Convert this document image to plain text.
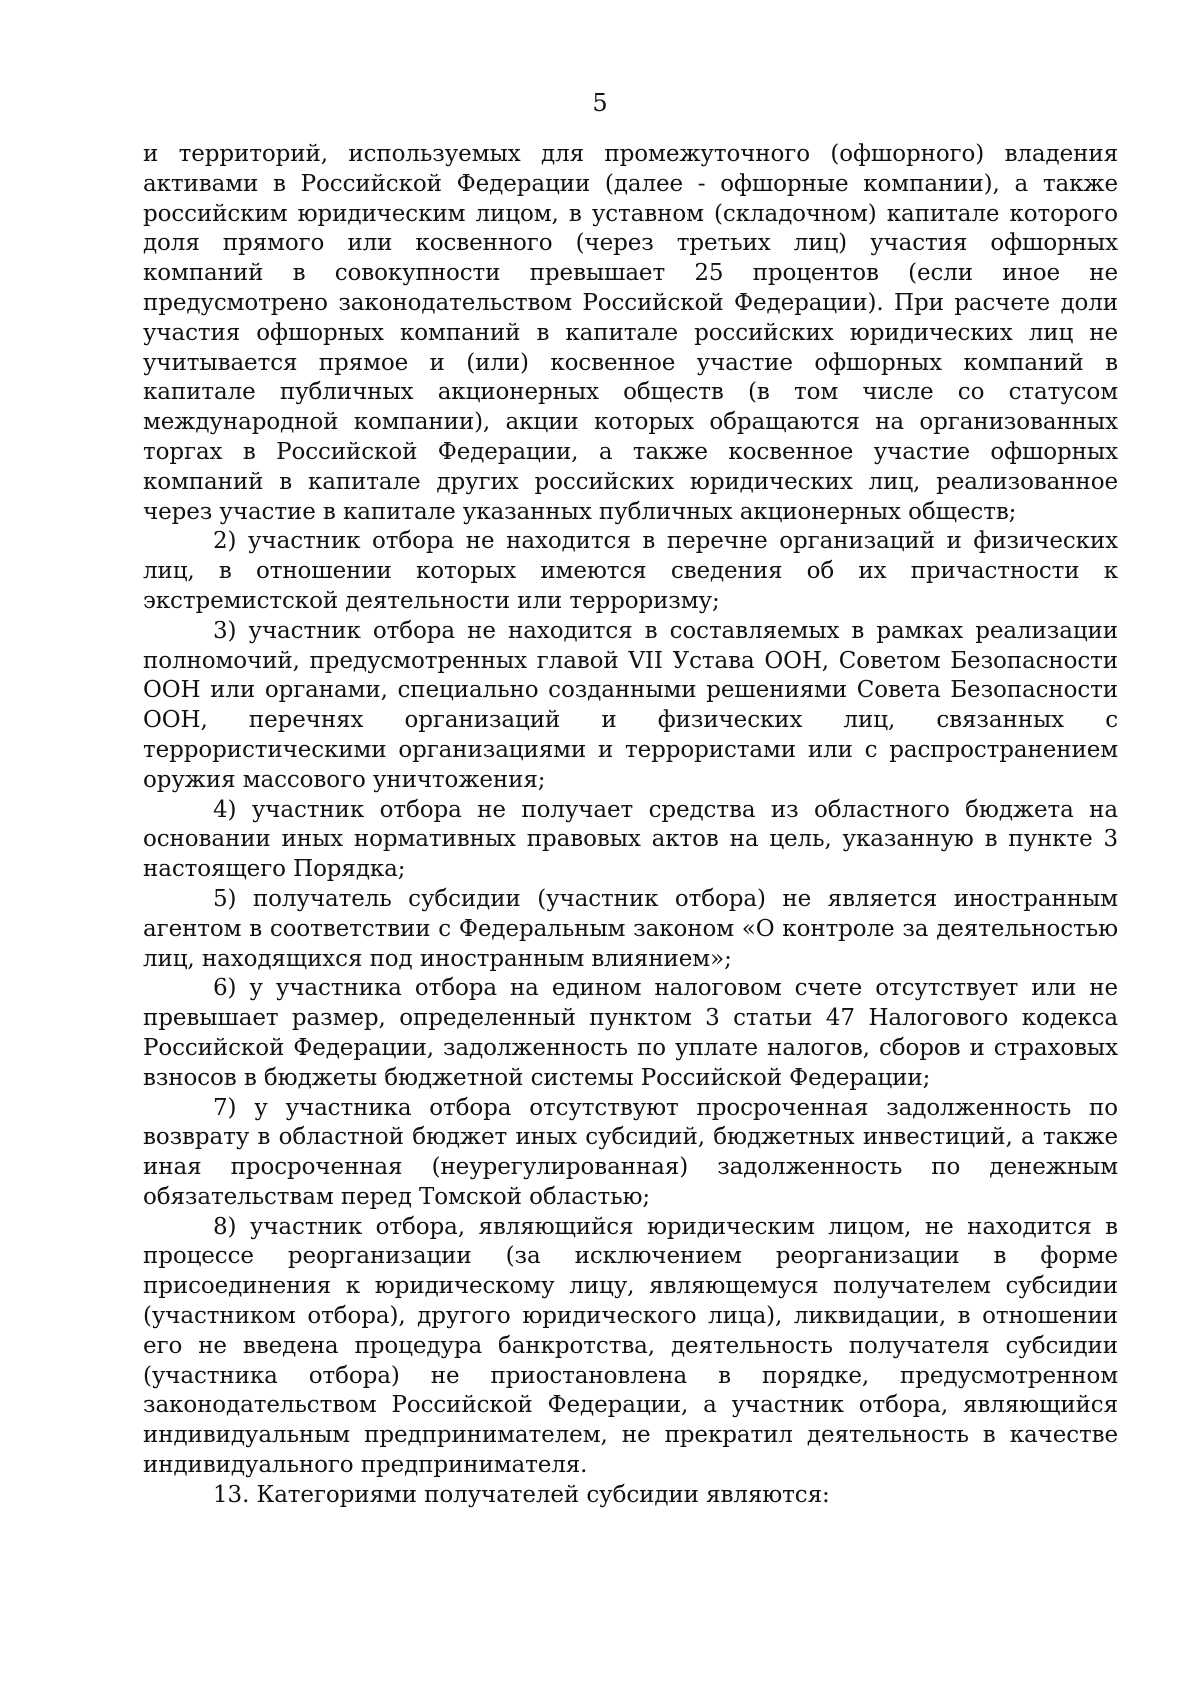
5

и территорий, используемых для промежуточного (офшорного) владения активами в Российской Федерации (далее - офшорные компании), а также российским юридическим лицом, в уставном (складочном) капитале которого доля прямого или косвенного (через третьих лиц) участия офшорных компаний в совокупности превышает 25 процентов (если иное не предусмотрено законодательством Российской Федерации). При расчете доли участия офшорных компаний в капитале российских юридических лиц не учитывается прямое и (или) косвенное участие офшорных компаний в капитале публичных акционерных обществ (в том числе со статусом международной компании), акции которых обращаются на организованных торгах в Российской Федерации, а также косвенное участие офшорных компаний в капитале других российских юридических лиц, реализованное через участие в капитале указанных публичных акционерных обществ;

2) участник отбора не находится в перечне организаций и физических лиц, в отношении которых имеются сведения об их причастности к экстремистской деятельности или терроризму;

3) участник отбора не находится в составляемых в рамках реализации полномочий, предусмотренных главой VII Устава ООН, Советом Безопасности ООН или органами, специально созданными решениями Совета Безопасности ООН, перечнях организаций и физических лиц, связанных с террористическими организациями и террористами или с распространением оружия массового уничтожения;

4) участник отбора не получает средства из областного бюджета на основании иных нормативных правовых актов на цель, указанную в пункте 3 настоящего Порядка;

5) получатель субсидии (участник отбора) не является иностранным агентом в соответствии с Федеральным законом «О контроле за деятельностью лиц, находящихся под иностранным влиянием»;

6) у участника отбора на едином налоговом счете отсутствует или не превышает размер, определенный пунктом 3 статьи 47 Налогового кодекса Российской Федерации, задолженность по уплате налогов, сборов и страховых взносов в бюджеты бюджетной системы Российской Федерации;

7) у участника отбора отсутствуют просроченная задолженность по возврату в областной бюджет иных субсидий, бюджетных инвестиций, а также иная просроченная (неурегулированная) задолженность по денежным обязательствам перед Томской областью;

8) участник отбора, являющийся юридическим лицом, не находится в процессе реорганизации (за исключением реорганизации в форме присоединения к юридическому лицу, являющемуся получателем субсидии (участником отбора), другого юридического лица), ликвидации, в отношении его не введена процедура банкротства, деятельность получателя субсидии (участника отбора) не приостановлена в порядке, предусмотренном законодательством Российской Федерации, а участник отбора, являющийся индивидуальным предпринимателем, не прекратил деятельность в качестве индивидуального предпринимателя.

13. Категориями получателей субсидии являются:
